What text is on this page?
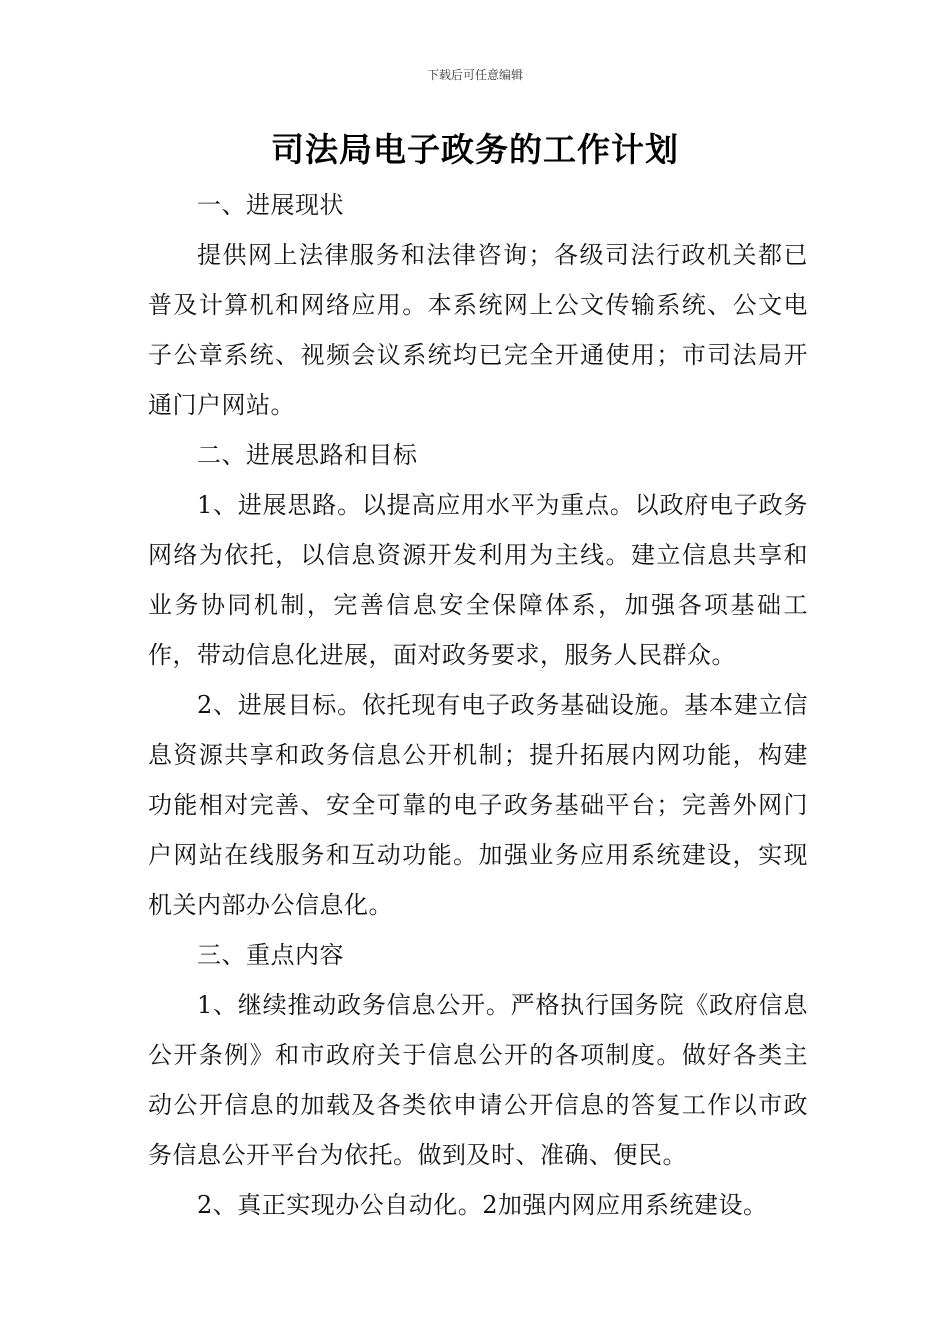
下载后可任意编辑
司法局电子政务的工作计划

一、进展现状

提供网上法律服务和法律咨询；各级司法行政机关都已普及计算机和网络应用。本系统网上公文传输系统、公文电子公章系统、视频会议系统均已完全开通使用；市司法局开通门户网站。

二、进展思路和目标

1、进展思路。以提高应用水平为重点。以政府电子政务网络为依托，以信息资源开发利用为主线。建立信息共享和业务协同机制，完善信息安全保障体系，加强各项基础工作，带动信息化进展，面对政务要求，服务人民群众。

2、进展目标。依托现有电子政务基础设施。基本建立信息资源共享和政务信息公开机制；提升拓展内网功能，构建功能相对完善、安全可靠的电子政务基础平台；完善外网门户网站在线服务和互动功能。加强业务应用系统建设，实现机关内部办公信息化。

三、重点内容

1、继续推动政务信息公开。严格执行国务院《政府信息公开条例》和市政府关于信息公开的各项制度。做好各类主动公开信息的加载及各类依申请公开信息的答复工作以市政务信息公开平台为依托。做到及时、准确、便民。

2、真正实现办公自动化。2加强内网应用系统建设。
